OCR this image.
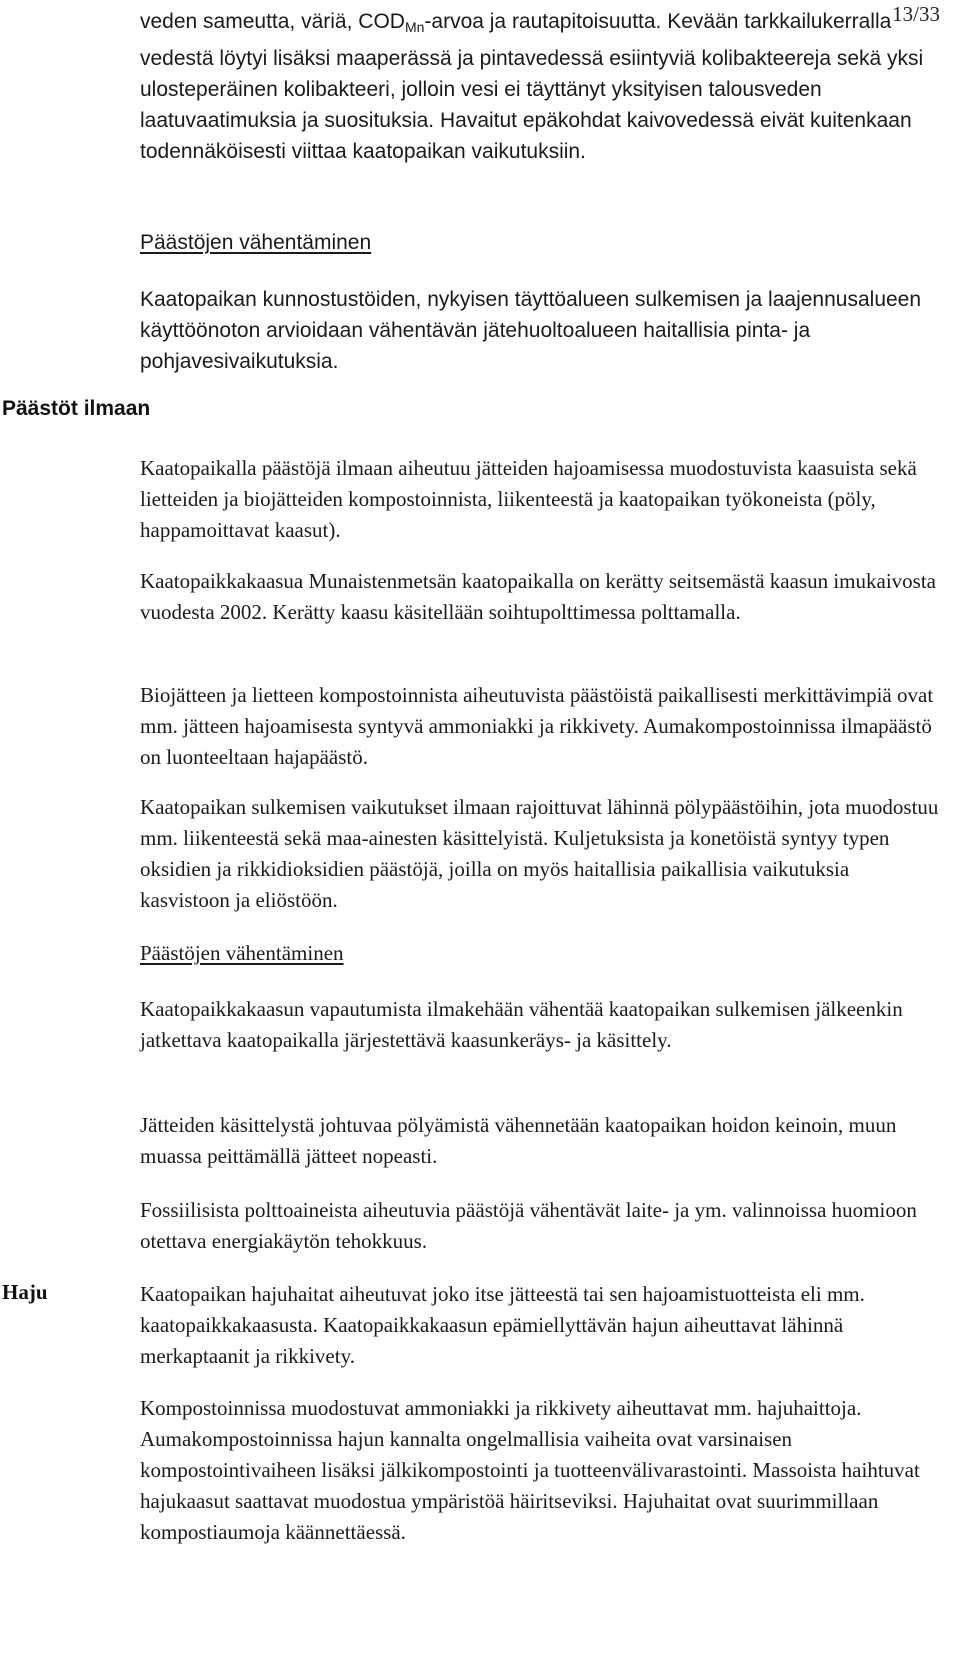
13/33

veden sameutta, väriä, $COD_{Mn}$-arvoa ja rautapitoisuutta. Kevään tarkkailukerralla vedestä löytyi lisäksi maaperässä ja pintavedessä esiintyviä kolibakteereja sekä yksi ulosteperäinen kolibakteeri, jolloin vesi ei täyttänyt yksityisen talousveden laatuvaatimuksia ja suosituksia. Havaitut epäkohdat kaivovedessä eivät kuitenkaan todennäköisesti viittaa kaatopaikan vaikutuksiin.

Päästöjen vähentäminen

Kaatopaikan kunnostustöiden, nykyisen täyttöalueen sulkemisen ja laajennusalueen käyttöönoton arvioidaan vähentävän jätehuoltoalueen haitallisia pinta- ja pohjavesivaikutuksia.

Päästöt ilmaan

Kaatopaikalla päästöjä ilmaan aiheutuu jätteiden hajoamisessa muodostuvista kaasuista sekä lietteiden ja biojätteiden kompostoinnista, liikenteestä ja kaatopaikan työkoneista (pöly, happamoittavat kaasut).

Kaatopaikkakaasua Munaistenmetsän kaatopaikalla on kerätty seitsemästä kaasun imukaivosta vuodesta 2002. Kerätty kaasu käsitellään soihtupolttimessa polttamalla.

Biojätteen ja lietteen kompostoinnista aiheutuvista päästöistä paikallisesti merkittävimpiä ovat mm. jätteen hajoamisesta syntyvä ammoniakki ja rikkivety. Aumakompostoinnissa ilmapäästö on luonteeltaan hajapäästö.

Kaatopaikan sulkemisen vaikutukset ilmaan rajoittuvat lähinnä pölypäästöihin, jota muodostuu mm. liikenteestä sekä maa-ainesten käsittelyistä. Kuljetuksista ja konetöistä syntyy typen oksidien ja rikkidioksidien päästöjä, joilla on myös haitallisia paikallisia vaikutuksia kasvistoon ja eliöstöön.

Päästöjen vähentäminen

Kaatopaikkakaasun vapautumista ilmakehään vähentää kaatopaikan sulkemisen jälkeenkin jatkettava kaatopaikalla järjestettävä kaasunkeräys- ja käsittely.

Jätteiden käsittelystä johtuvaa pölyämistä vähennetään kaatopaikan hoidon keinoin, muun muassa peittämällä jätteet nopeasti.

Fossiilisista polttoaineista aiheutuvia päästöjä vähentävät laite- ja ym. valinnoissa huomioon otettava energiakäytön tehokkuus.

Haju	Kaatopaikan hajuhaitat aiheutuvat joko itse jätteestä tai sen hajoamistuotteista eli mm. kaatopaikkakaasusta. Kaatopaikkakaasun epämiellyttävän hajun aiheuttavat lähinnä merkaptaanit ja rikkivety.

Kompostoinnissa muodostuvat ammoniakki ja rikkivety aiheuttavat mm. hajuhaittoja. Aumakompostoinnissa hajun kannalta ongelmallisia vaiheita ovat varsinaisen kompostointivaiheen lisäksi jälkikompostointi ja tuotteenvälivarastointi. Massoista haihtuvat hajukaasut saattavat muodostua ympäristöä häiritseviksi. Hajuhaitat ovat suurimmillaan kompostiaumoja käännettäessä.
